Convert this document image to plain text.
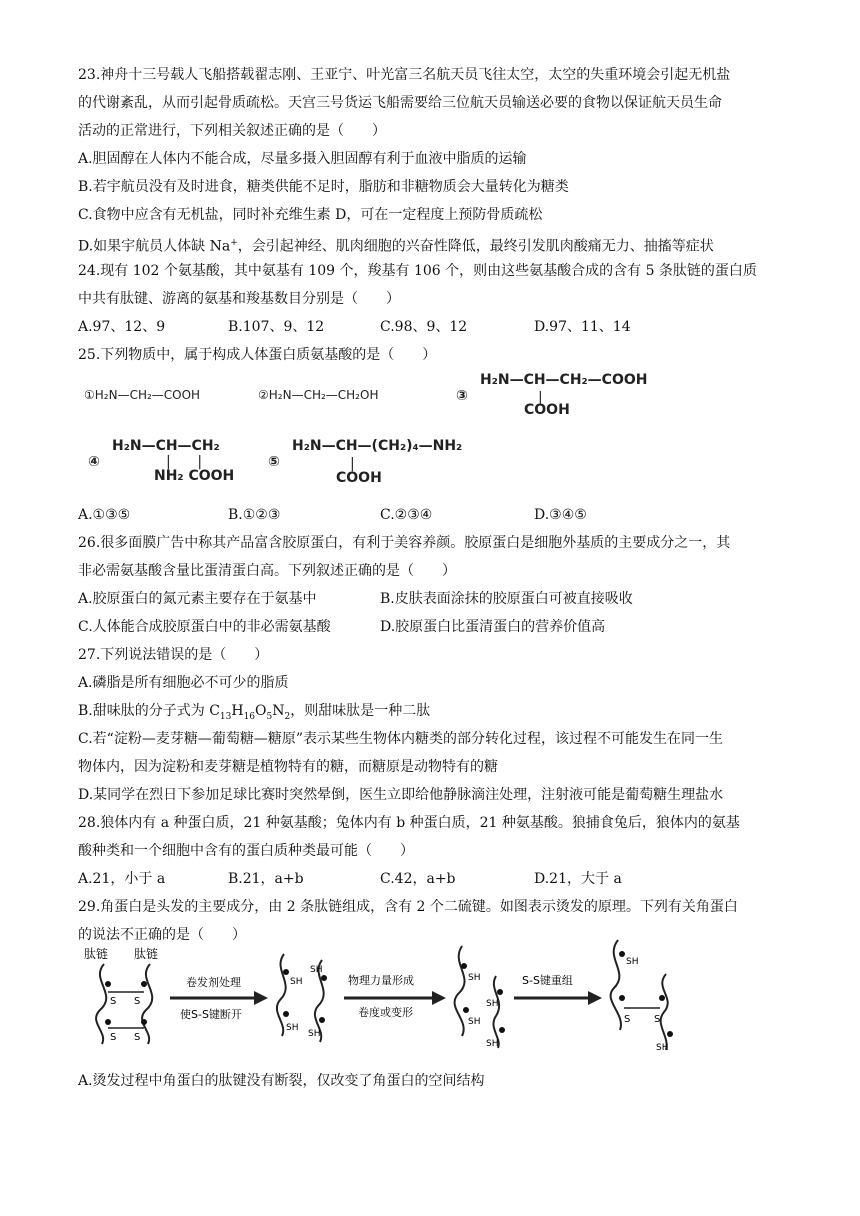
23.神舟十三号载人飞船搭载翟志刚、王亚宁、叶光富三名航天员飞往太空，太空的失重环境会引起无机盐
的代谢紊乱，从而引起骨质疏松。天宫三号货运飞船需要给三位航天员输送必要的食物以保证航天员生命
活动的正常进行，下列相关叙述正确的是（　　）
A.胆固醇在人体内不能合成，尽量多摄入胆固醇有利于血液中脂质的运输
B.若宇航员没有及时进食，糖类供能不足时，脂肪和非糖物质会大量转化为糖类
C.食物中应含有无机盐，同时补充维生素 D，可在一定程度上预防骨质疏松
D.如果宇航员人体缺 Na+，会引起神经、肌肉细胞的兴奋性降低，最终引发肌肉酸痛无力、抽搐等症状
24.现有 102 个氨基酸，其中氨基有 109 个，羧基有 106 个，则由这些氨基酸合成的含有 5 条肽链的蛋白质
中共有肽键、游离的氨基和羧基数目分别是（　　）
A.97、12、9	B.107、9、12	C.98、9、12	D.97、11、14
25.下列物质中，属于构成人体蛋白质氨基酸的是（　　）
①H₂N—CH₂—COOH	②H₂N—CH₂—CH₂OH	③
H₂N—CH—CH₂—COOH
|
COOH
④
H₂N—CH—CH₂
|      |
NH₂ COOH
⑤
H₂N—CH—(CH₂)₄—NH₂
|
COOH
A.①③⑤	B.①②③	C.②③④	D.③④⑤
26.很多面膜广告中称其产品富含胶原蛋白，有利于美容养颜。胶原蛋白是细胞外基质的主要成分之一，其
非必需氨基酸含量比蛋清蛋白高。下列叙述正确的是（　　）
A.胶原蛋白的氮元素主要存在于氨基中	B.皮肤表面涂抹的胶原蛋白可被直接吸收
C.人体能合成胶原蛋白中的非必需氨基酸	D.胶原蛋白比蛋清蛋白的营养价值高
27.下列说法错误的是（　　）
A.磷脂是所有细胞必不可少的脂质
B.甜味肽的分子式为 $C_{13}H_{16}O_5N_2$，则甜味肽是一种二肽
C.若“淀粉—麦芽糖—葡萄糖—糖原”表示某些生物体内糖类的部分转化过程，该过程不可能发生在同一生
物体内，因为淀粉和麦芽糖是植物特有的糖，而糖原是动物特有的糖
D.某同学在烈日下参加足球比赛时突然晕倒，医生立即给他静脉滴注处理，注射液可能是葡萄糖生理盐水
28.狼体内有 a 种蛋白质，21 种氨基酸；兔体内有 b 种蛋白质，21 种氨基酸。狼捕食兔后，狼体内的氨基
酸种类和一个细胞中含有的蛋白质种类最可能（　　）
A.21，小于 a	B.21，a+b	C.42，a+b	D.21，大于 a
29.角蛋白是头发的主要成分，由 2 条肽链组成，含有 2 个二硫键。如图表示烫发的原理。下列有关角蛋白
的说法不正确的是（　　）
肽链 肽链
S S
S S
卷发剂处理
使S-S键断开
SH
SH
SH
SH
物理力量形成
卷度或变形
SH
SH
SH
SH
S-S键重组
SH
S S
SH
A.烫发过程中角蛋白的肽键没有断裂，仅改变了角蛋白的空间结构
